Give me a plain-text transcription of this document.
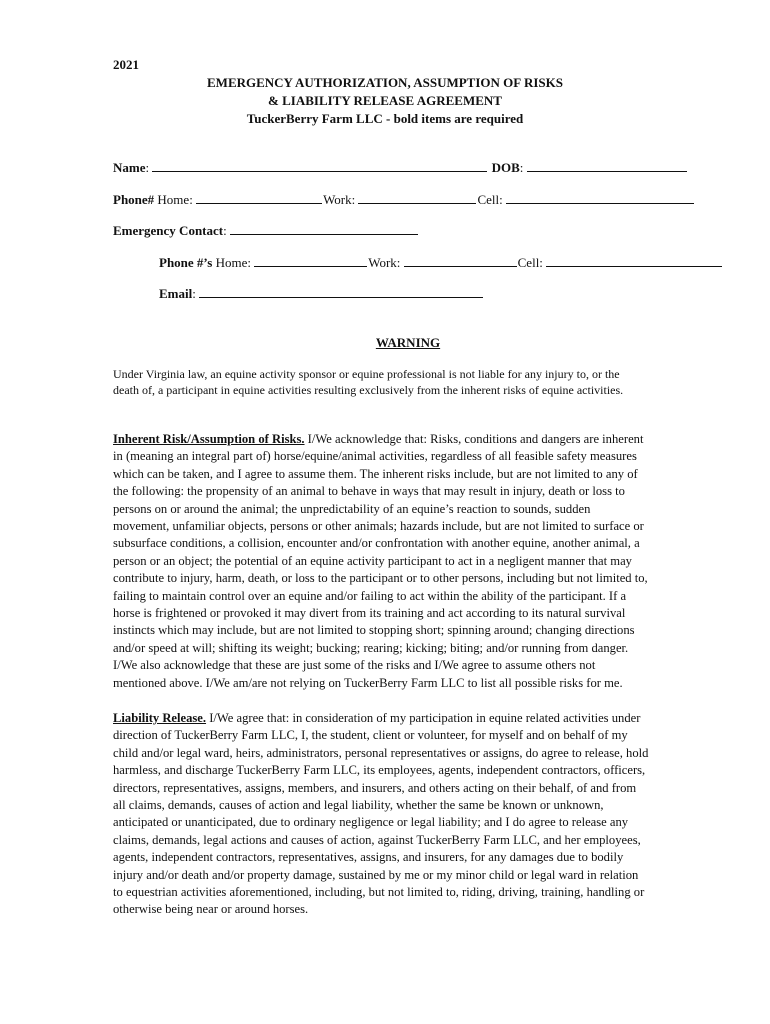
2021
EMERGENCY AUTHORIZATION, ASSUMPTION OF RISKS
& LIABILITY RELEASE AGREEMENT
TuckerBerry Farm LLC - bold items are required
Name:	DOB:
Phone# Home:	Work:	Cell:
Emergency Contact:
Phone #’s Home:	Work:	Cell:
Email:
WARNING
Under Virginia law, an equine activity sponsor or equine professional is not liable for any injury to, or the
death of, a participant in equine activities resulting exclusively from the inherent risks of equine activities.
Inherent Risk/Assumption of Risks. I/We acknowledge that: Risks, conditions and dangers are inherent
in (meaning an integral part of) horse/equine/animal activities, regardless of all feasible safety measures
which can be taken, and I agree to assume them. The inherent risks include, but are not limited to any of
the following: the propensity of an animal to behave in ways that may result in injury, death or loss to
persons on or around the animal; the unpredictability of an equine’s reaction to sounds, sudden
movement, unfamiliar objects, persons or other animals; hazards include, but are not limited to surface or
subsurface conditions, a collision, encounter and/or confrontation with another equine, another animal, a
person or an object; the potential of an equine activity participant to act in a negligent manner that may
contribute to injury, harm, death, or loss to the participant or to other persons, including but not limited to,
failing to maintain control over an equine and/or failing to act within the ability of the participant. If a
horse is frightened or provoked it may divert from its training and act according to its natural survival
instincts which may include, but are not limited to stopping short; spinning around; changing directions
and/or speed at will; shifting its weight; bucking; rearing; kicking; biting; and/or running from danger.
I/We also acknowledge that these are just some of the risks and I/We agree to assume others not
mentioned above. I/We am/are not relying on TuckerBerry Farm LLC to list all possible risks for me.
Liability Release. I/We agree that: in consideration of my participation in equine related activities under
direction of TuckerBerry Farm LLC, I, the student, client or volunteer, for myself and on behalf of my
child and/or legal ward, heirs, administrators, personal representatives or assigns, do agree to release, hold
harmless, and discharge TuckerBerry Farm LLC, its employees, agents, independent contractors, officers,
directors, representatives, assigns, members, and insurers, and others acting on their behalf, of and from
all claims, demands, causes of action and legal liability, whether the same be known or unknown,
anticipated or unanticipated, due to ordinary negligence or legal liability; and I do agree to release any
claims, demands, legal actions and causes of action, against TuckerBerry Farm LLC, and her employees,
agents, independent contractors, representatives, assigns, and insurers, for any damages due to bodily
injury and/or death and/or property damage, sustained by me or my minor child or legal ward in relation
to equestrian activities aforementioned, including, but not limited to, riding, driving, training, handling or
otherwise being near or around horses.
